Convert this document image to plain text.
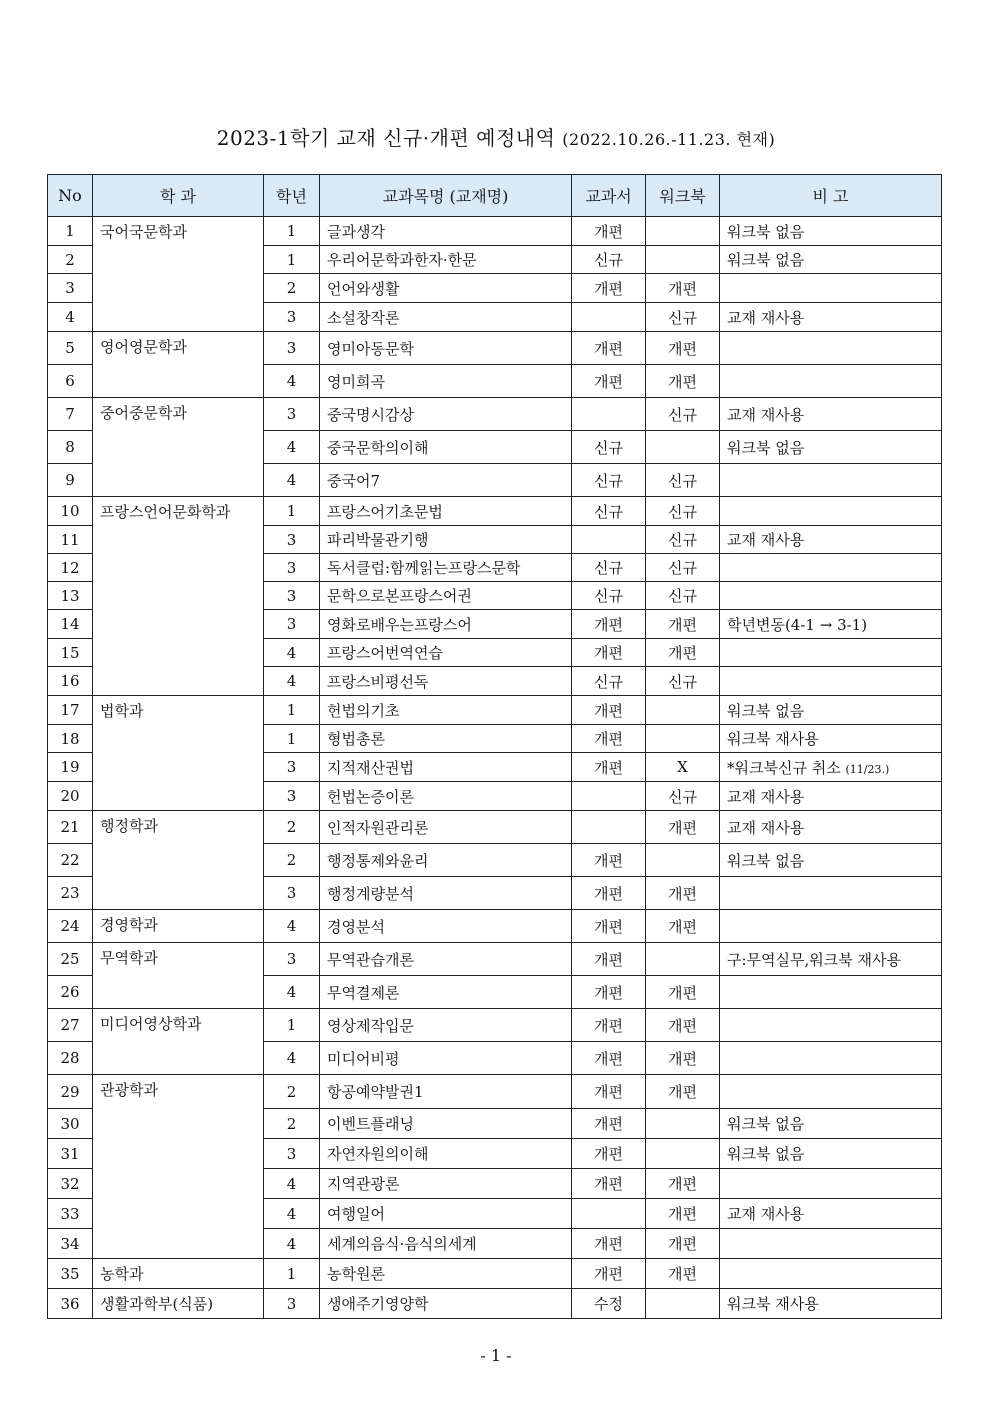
2023-1학기 교재 신규·개편 예정내역 (2022.10.26.-11.23. 현재)
No	학 과	학년	교과목명 (교재명)	교과서	워크북	비 고
1	국어국문학과	1	글과생각	개편		워크북 없음
2		1	우리어문학과한자·한문	신규		워크북 없음
3		2	언어와생활	개편	개편	
4		3	소설창작론		신규	교재 재사용
5	영어영문학과	3	영미아동문학	개편	개편	
6		4	영미희곡	개편	개편	
7	중어중문학과	3	중국명시감상		신규	교재 재사용
8		4	중국문학의이해	신규		워크북 없음
9		4	중국어7	신규	신규	
10	프랑스언어문화학과	1	프랑스어기초문법	신규	신규	
11		3	파리박물관기행		신규	교재 재사용
12		3	독서클럽:함께읽는프랑스문학	신규	신규	
13		3	문학으로본프랑스어권	신규	신규	
14		3	영화로배우는프랑스어	개편	개편	학년변동(4-1 → 3-1)
15		4	프랑스어번역연습	개편	개편	
16		4	프랑스비평선독	신규	신규	
17	법학과	1	헌법의기초	개편		워크북 없음
18		1	형법총론	개편		워크북 재사용
19		3	지적재산권법	개편	X	*워크북신규 취소 (11/23.)
20		3	헌법논증이론		신규	교재 재사용
21	행정학과	2	인적자원관리론		개편	교재 재사용
22		2	행정통제와윤리	개편		워크북 없음
23		3	행정계량분석	개편	개편	
24	경영학과	4	경영분석	개편	개편	
25	무역학과	3	무역관습개론	개편		구:무역실무,워크북 재사용
26		4	무역결제론	개편	개편	
27	미디어영상학과	1	영상제작입문	개편	개편	
28		4	미디어비평	개편	개편	
29	관광학과	2	항공예약발권1	개편	개편	
30		2	이벤트플래닝	개편		워크북 없음
31		3	자연자원의이해	개편		워크북 없음
32		4	지역관광론	개편	개편	
33		4	여행일어		개편	교재 재사용
34		4	세계의음식·음식의세계	개편	개편	
35	농학과	1	농학원론	개편	개편	
36	생활과학부(식품)	3	생애주기영양학	수정		워크북 재사용
- 1 -
